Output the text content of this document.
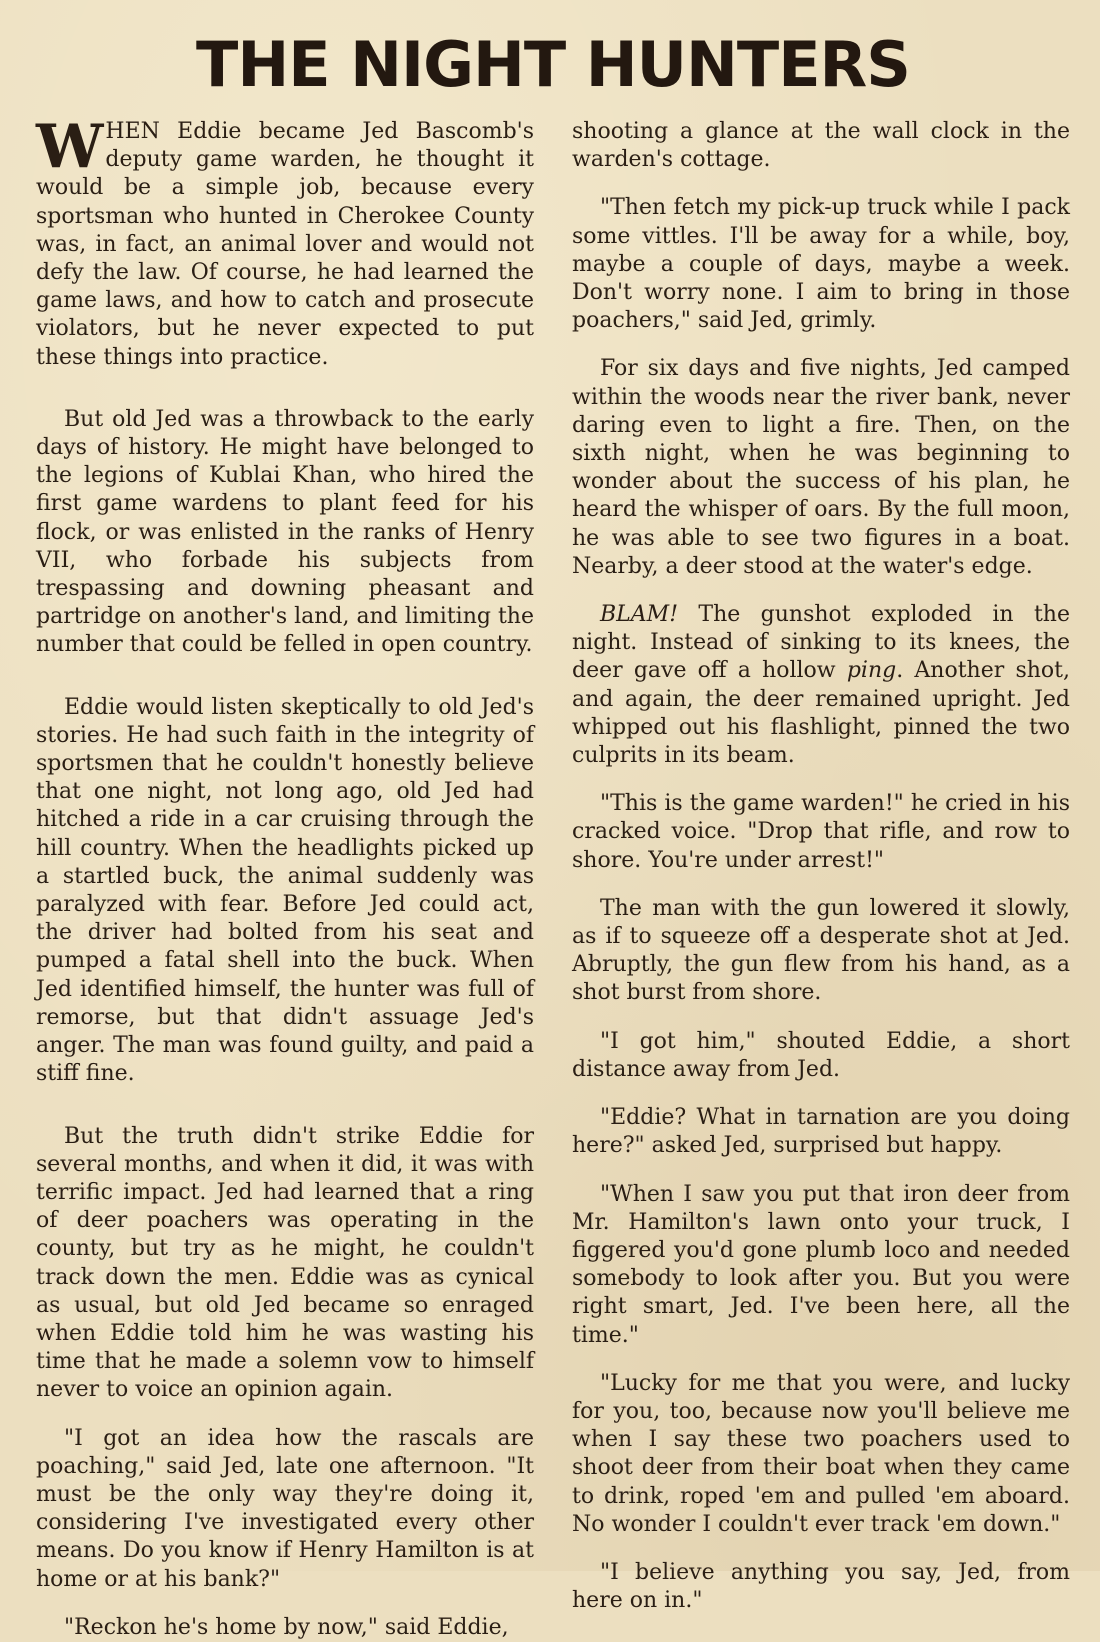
THE NIGHT HUNTERS

WHEN Eddie became Jed Bascomb's deputy game warden, he thought it would be a simple job, because every sportsman who hunted in Cherokee County was, in fact, an animal lover and would not defy the law. Of course, he had learned the game laws, and how to catch and prosecute violators, but he never expected to put these things into practice.

But old Jed was a throwback to the early days of history. He might have belonged to the legions of Kublai Khan, who hired the first game wardens to plant feed for his flock, or was enlisted in the ranks of Henry VII, who forbade his subjects from trespassing and downing pheasant and partridge on another's land, and limiting the number that could be felled in open country.

Eddie would listen skeptically to old Jed's stories. He had such faith in the integrity of sportsmen that he couldn't honestly believe that one night, not long ago, old Jed had hitched a ride in a car cruising through the hill country. When the headlights picked up a startled buck, the animal suddenly was paralyzed with fear. Before Jed could act, the driver had bolted from his seat and pumped a fatal shell into the buck. When Jed identified himself, the hunter was full of remorse, but that didn't assuage Jed's anger. The man was found guilty, and paid a stiff fine.

But the truth didn't strike Eddie for several months, and when it did, it was with terrific impact. Jed had learned that a ring of deer poachers was operating in the county, but try as he might, he couldn't track down the men. Eddie was as cynical as usual, but old Jed became so enraged when Eddie told him he was wasting his time that he made a solemn vow to himself never to voice an opinion again.

"I got an idea how the rascals are poaching," said Jed, late one afternoon. "It must be the only way they're doing it, considering I've investigated every other means. Do you know if Henry Hamilton is at home or at his bank?"

"Reckon he's home by now," said Eddie,

shooting a glance at the wall clock in the warden's cottage.

"Then fetch my pick-up truck while I pack some vittles. I'll be away for a while, boy, maybe a couple of days, maybe a week. Don't worry none. I aim to bring in those poachers," said Jed, grimly.

For six days and five nights, Jed camped within the woods near the river bank, never daring even to light a fire. Then, on the sixth night, when he was beginning to wonder about the success of his plan, he heard the whisper of oars. By the full moon, he was able to see two figures in a boat. Nearby, a deer stood at the water's edge.

BLAM! The gunshot exploded in the night. Instead of sinking to its knees, the deer gave off a hollow ping. Another shot, and again, the deer remained upright. Jed whipped out his flashlight, pinned the two culprits in its beam.

"This is the game warden!" he cried in his cracked voice. "Drop that rifle, and row to shore. You're under arrest!"

The man with the gun lowered it slowly, as if to squeeze off a desperate shot at Jed. Abruptly, the gun flew from his hand, as a shot burst from shore.

"I got him," shouted Eddie, a short distance away from Jed.

"Eddie? What in tarnation are you doing here?" asked Jed, surprised but happy.

"When I saw you put that iron deer from Mr. Hamilton's lawn onto your truck, I figgered you'd gone plumb loco and needed somebody to look after you. But you were right smart, Jed. I've been here, all the time."

"Lucky for me that you were, and lucky for you, too, because now you'll believe me when I say these two poachers used to shoot deer from their boat when they came to drink, roped 'em and pulled 'em aboard. No wonder I couldn't ever track 'em down."

"I believe anything you say, Jed, from here on in."
